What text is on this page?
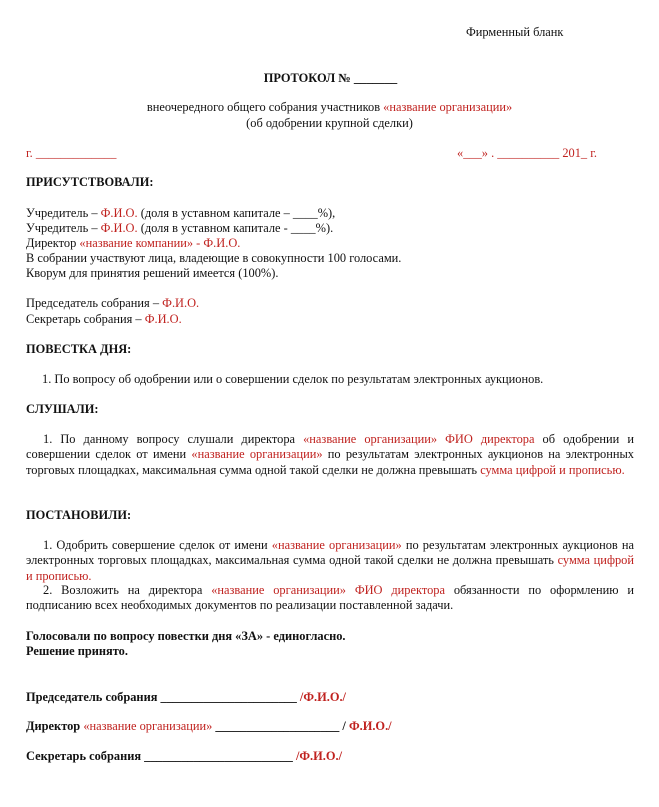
Фирменный бланк
ПРОТОКОЛ № _______
внеочередного общего собрания участников «название организации»
(об одобрении крупной сделки)
г. _____________	«___» . __________ 201_ г.
ПРИСУТСТВОВАЛИ:
Учредитель – Ф.И.О. (доля в уставном капитале – ____%),
Учредитель – Ф.И.О. (доля в уставном капитале - ____%).
Директор «название компании» - Ф.И.О.
В собрании участвуют лица, владеющие в совокупности 100 голосами.
Кворум для принятия решений имеется (100%).
Председатель собрания – Ф.И.О.
Секретарь собрания – Ф.И.О.
ПОВЕСТКА ДНЯ:
1. По вопросу об одобрении или о совершении сделок по результатам электронных аукционов.
СЛУШАЛИ:

1. По данному вопросу слушали директора «название организации» ФИО директора об одобрении и совершении сделок от имени «название организации» по результатам электронных аукционов на электронных торговых площадках, максимальная сумма одной такой сделки не должна превышать сумма цифрой и прописью.

ПОСТАНОВИЛИ:

1. Одобрить совершение сделок от имени «название организации» по результатам электронных аукционов на электронных торговых площадках, максимальная сумма одной такой сделки не должна превышать сумма цифрой и прописью.

2. Возложить на директора «название организации» ФИО директора обязанности по оформлению и подписанию всех необходимых документов по реализации поставленной задачи.

Голосовали по вопросу повестки дня «ЗА» - единогласно.
Решение принято.
Председатель собрания ______________________ /Ф.И.О./
Директор «название организации» ____________________ / Ф.И.О./
Секретарь собрания ________________________ /Ф.И.О./
